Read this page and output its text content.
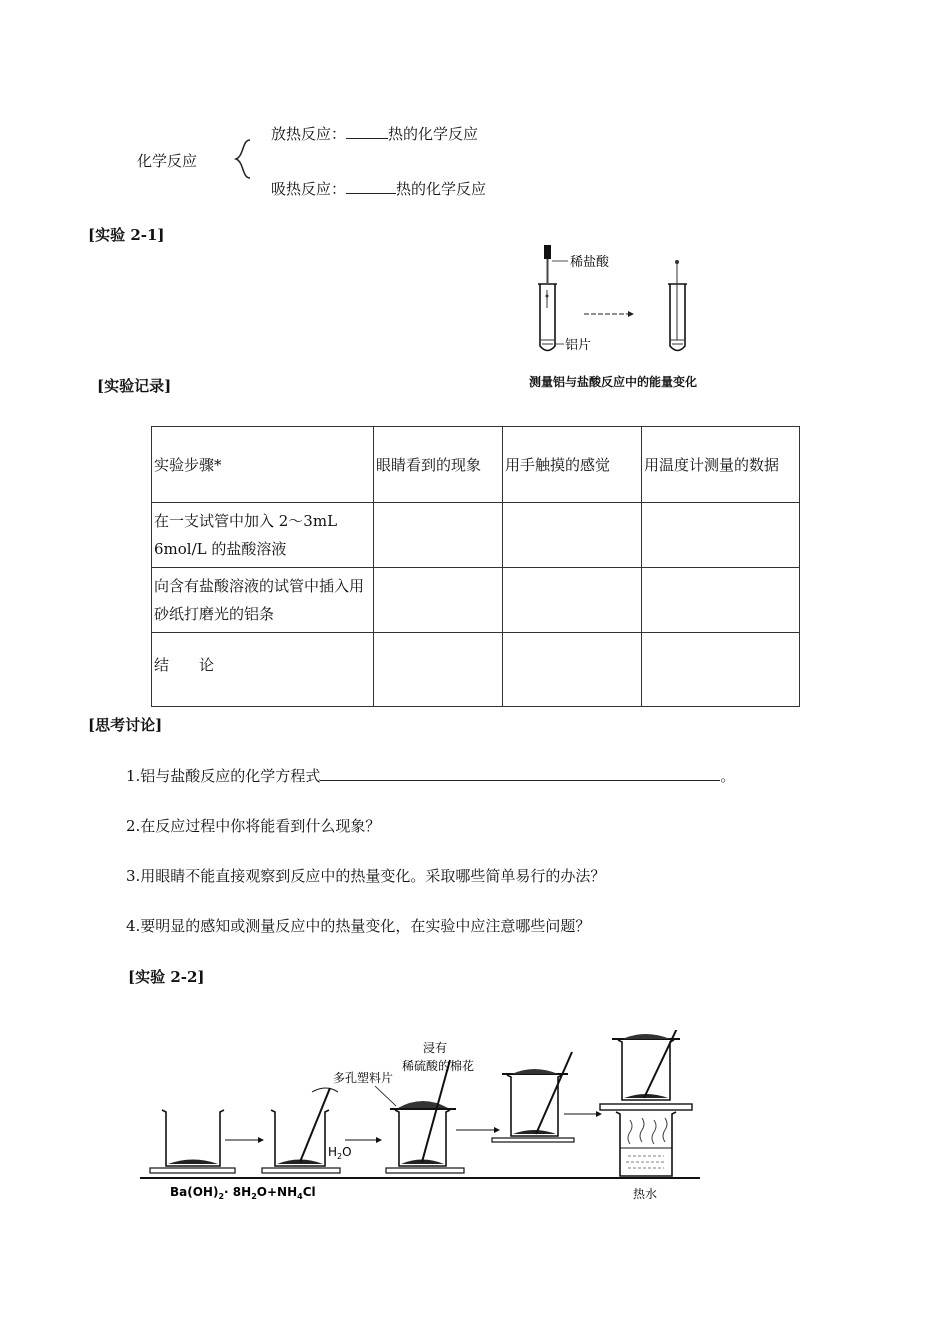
放热反应：	热的化学反应
化学反应
吸热反应：	热的化学反应
[实验 2-1]
稀盐酸
铝片
测量铝与盐酸反应中的能量变化
[实验记录]
实验步骤*	眼睛看到的现象	用手触摸的感觉	用温度计测量的数据
在一支试管中加入 2～3mL 6mol/L 的盐酸溶液			
向含有盐酸溶液的试管中插入用砂纸打磨光的铝条			
结　　论			
[思考讨论]
1.铝与盐酸反应的化学方程式	。
2.在反应过程中你将能看到什么现象？
3.用眼睛不能直接观察到反应中的热量变化。采取哪些简单易行的办法？
4.要明显的感知或测量反应中的热量变化，在实验中应注意哪些问题？
[实验 2-2]
$H_2O$
多孔塑料片
浸有
稀硫酸的棉花
热水
$Ba(OH)_2\cdot 8H_2O+NH_4Cl$
